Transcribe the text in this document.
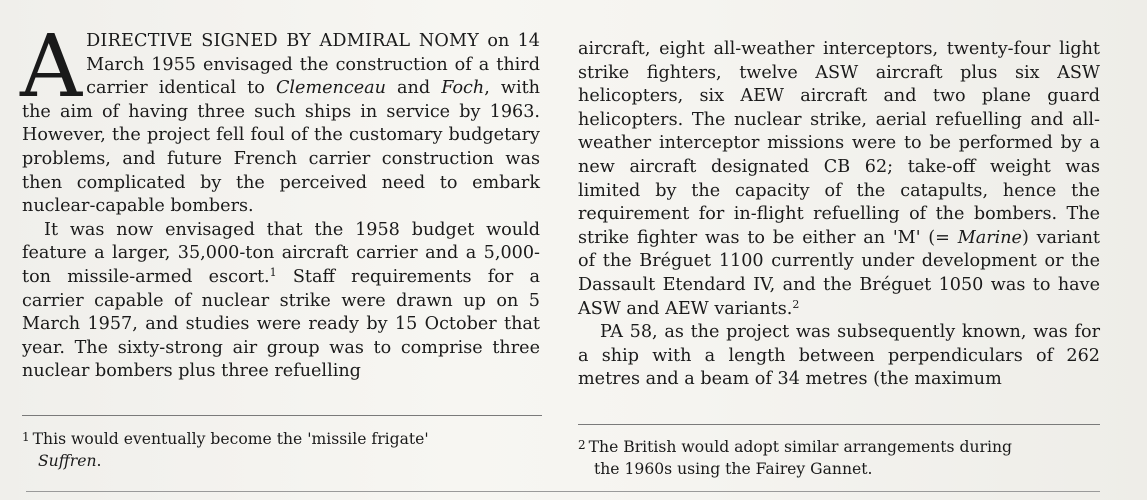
ADIRECTIVE SIGNED BY ADMIRAL NOMY on 14 March 1955 envisaged the construction of a third carrier identical to Clemenceau and Foch, with the aim of having three such ships in service by 1963. However, the project fell foul of the customary budgetary problems, and future French carrier construction was then complicated by the perceived need to embark nuclear-capable bombers.

It was now envisaged that the 1958 budget would feature a larger, 35,000-ton aircraft carrier and a 5,000-ton missile-armed escort.$^1$ Staff requirements for a carrier capable of nuclear strike were drawn up on 5 March 1957, and studies were ready by 15 October that year. The sixty-strong air group was to comprise three nuclear bombers plus three refuelling

aircraft, eight all-weather interceptors, twenty-four light strike fighters, twelve ASW aircraft plus six ASW helicopters, six AEW aircraft and two plane guard helicopters. The nuclear strike, aerial refuelling and all-weather interceptor missions were to be performed by a new aircraft designated CB 62; take-off weight was limited by the capacity of the catapults, hence the requirement for in-flight refuelling of the bombers. The strike fighter was to be either an 'M' (= Marine) variant of the Bréguet 1100 currently under development or the Dassault Etendard IV, and the Bréguet 1050 was to have ASW and AEW variants.$^2$

PA 58, as the project was subsequently known, was for a ship with a length between perpendiculars of 262 metres and a beam of 34 metres (the maximum

1 This would eventually become the 'missile frigate'
Suffren.
2 The British would adopt similar arrangements during
the 1960s using the Fairey Gannet.
